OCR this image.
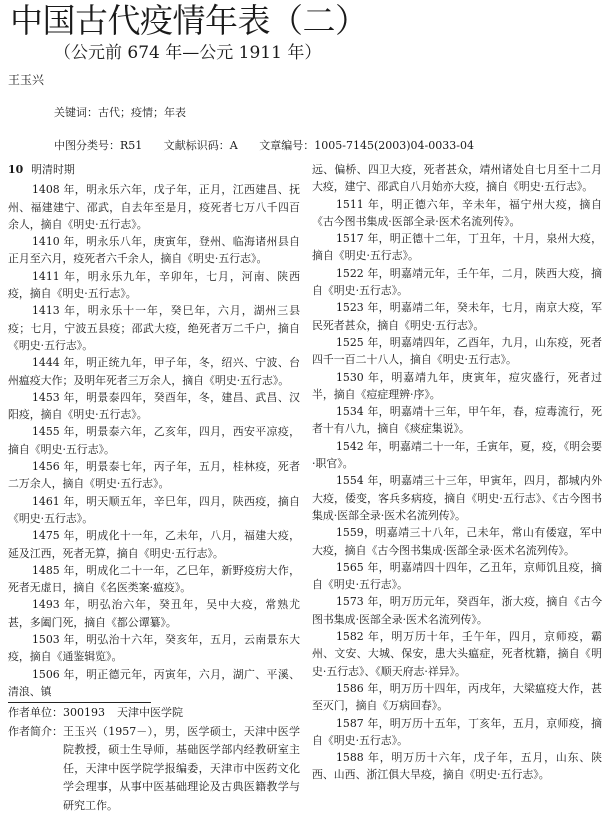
中国古代疫情年表（二）
（公元前 674 年—公元 1911 年）
王玉兴
关键词：古代；疫情；年表
中图分类号：R51 文献标识码：A 文章编号：1005-7145(2003)04-0033-04
10 明清时期

1408 年，明永乐六年，戊子年，正月，江西建昌、抚州、福建建宁、邵武，自去年至是月，疫死者七万八千四百余人，摘自《明史·五行志》。

1410 年，明永乐八年，庚寅年，登州、临海诸州县自正月至六月，疫死者六千余人，摘自《明史·五行志》。

1411 年，明永乐九年，辛卯年，七月，河南、陕西疫，摘自《明史·五行志》。

1413 年，明永乐十一年，癸巳年，六月，湖州三县疫；七月，宁波五县疫；邵武大疫，绝死者万二千户，摘自《明史·五行志》。

1444 年，明正统九年，甲子年，冬，绍兴、宁波、台州瘟疫大作；及明年死者三万余人，摘自《明史·五行志》。

1453 年，明景泰四年，癸酉年，冬，建昌、武昌、汉阳疫，摘自《明史·五行志》。

1455 年，明景泰六年，乙亥年，四月，西安平凉疫，摘自《明史·五行志》。

1456 年，明景泰七年，丙子年，五月，桂林疫，死者二万余人，摘自《明史·五行志》。

1461 年，明天顺五年，辛巳年，四月，陕西疫，摘自《明史·五行志》。

1475 年，明成化十一年，乙未年，八月，福建大疫，延及江西，死者无算，摘自《明史·五行志》。

1485 年，明成化二十一年，乙巳年，新野疫疠大作，死者无虚日，摘自《名医类案·瘟疫》。

1493 年，明弘治六年，癸丑年，吴中大疫，常熟尤甚，多阖门死，摘自《都公谭纂》。

1503 年，明弘治十六年，癸亥年，五月，云南景东大疫，摘自《通鉴辑览》。

1506 年，明正德元年，丙寅年，六月，湖广、平溪、清浪、镇

作者单位： 300193 天津中医学院
作者简介： 王玉兴（1957－），男，医学硕士，天津中医学院教授，硕士生导师，基础医学部内经教研室主任，天津中医学院学报编委，天津市中医药文化学会理事，从事中医基础理论及古典医籍教学与研究工作。

远、偏桥、四卫大疫，死者甚众，靖州诸处自七月至十二月大疫，建宁、邵武自八月始亦大疫，摘自《明史·五行志》。

1511 年，明正德六年，辛未年，福宁州大疫，摘自《古今图书集成·医部全录·医术名流列传》。

1517 年，明正德十二年，丁丑年，十月，泉州大疫，摘自《明史·五行志》。

1522 年，明嘉靖元年，壬午年，二月，陕西大疫，摘自《明史·五行志》。

1523 年，明嘉靖二年，癸未年，七月，南京大疫，军民死者甚众，摘自《明史·五行志》。

1525 年，明嘉靖四年，乙酉年，九月，山东疫，死者四千一百二十八人，摘自《明史·五行志》。

1530 年，明嘉靖九年，庚寅年，痘灾盛行，死者过半，摘自《痘症理辨·序》。

1534 年，明嘉靖十三年，甲午年，春，痘毒流行，死者十有八九，摘自《痰症集说》。

1542 年，明嘉靖二十一年，壬寅年，夏，疫，《明会要·职官》。

1554 年，明嘉靖三十三年，甲寅年，四月，都城内外大疫，倭变，客兵多病疫，摘自《明史·五行志》、《古今图书集成·医部全录·医术名流列传》。

1559，明嘉靖三十八年，己未年，常山有倭寇，军中大疫，摘自《古今图书集成·医部全录·医术名流列传》。

1565 年，明嘉靖四十四年，乙丑年，京师饥且疫，摘自《明史·五行志》。

1573 年，明万历元年，癸酉年，浙大疫，摘自《古今图书集成·医部全录·医术名流列传》。

1582 年，明万历十年，壬午年，四月，京师疫，霸州、文安、大城、保安，患大头瘟症，死者枕籍，摘自《明史·五行志》、《顺天府志·祥异》。

1586 年，明万历十四年，丙戌年，大梁瘟疫大作，甚至灭门，摘自《万病回春》。

1587 年，明万历十五年，丁亥年，五月，京师疫，摘自《明史·五行志》。

1588 年，明万历十六年，戊子年，五月，山东、陕西、山西、浙江俱大旱疫，摘自《明史·五行志》。
